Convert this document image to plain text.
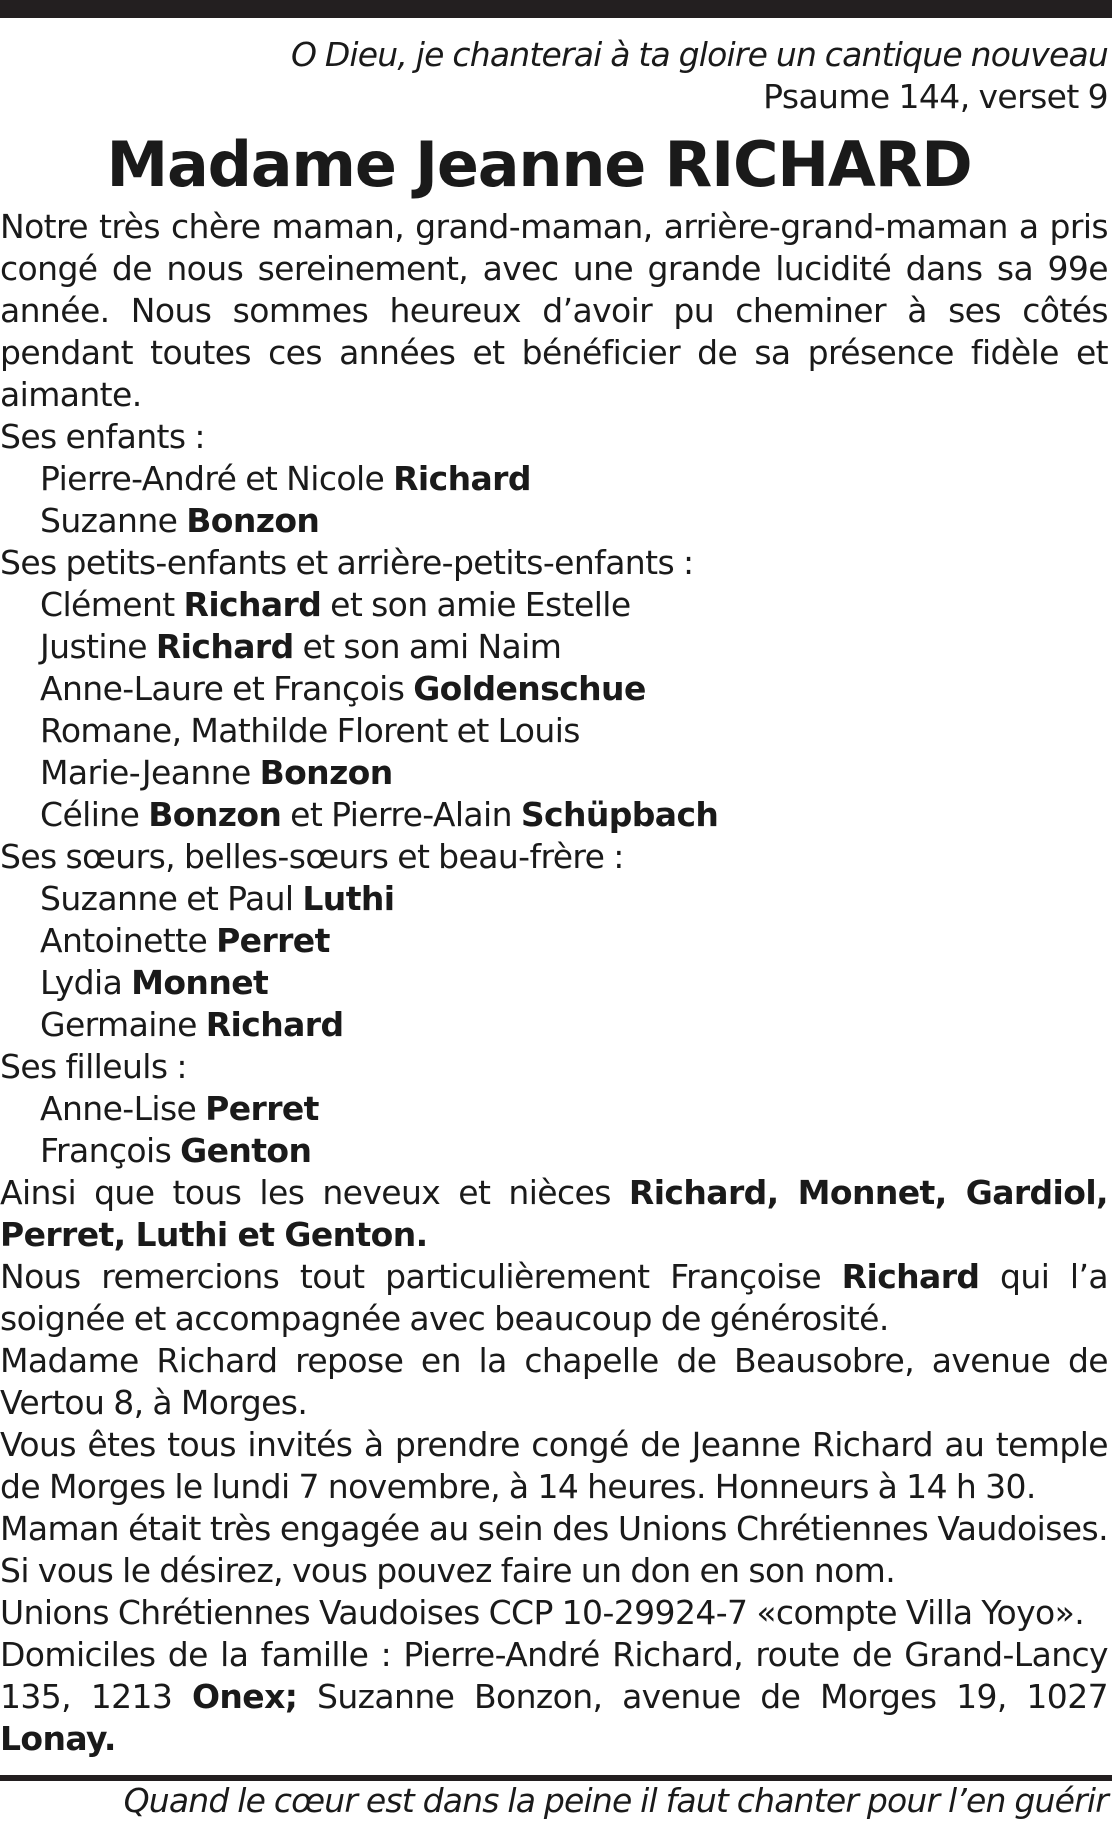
O Dieu, je chanterai à ta gloire un cantique nouveau
Psaume 144, verset 9
Madame Jeanne RICHARD
Notre très chère maman, grand-maman, arrière-grand-maman a pris congé de nous sereinement, avec une grande lucidité dans sa 99e année. Nous sommes heureux d’avoir pu cheminer à ses côtés pendant toutes ces années et bénéficier de sa présence fidèle et aimante.
Ses enfants :
Pierre-André et Nicole Richard
Suzanne Bonzon
Ses petits-enfants et arrière-petits-enfants :
Clément Richard et son amie Estelle
Justine Richard et son ami Naim
Anne-Laure et François Goldenschue
Romane, Mathilde Florent et Louis
Marie-Jeanne Bonzon
Céline Bonzon et Pierre-Alain Schüpbach
Ses sœurs, belles-sœurs et beau-frère :
Suzanne et Paul Luthi
Antoinette Perret
Lydia Monnet
Germaine Richard
Ses filleuls :
Anne-Lise Perret
François Genton
Ainsi que tous les neveux et nièces Richard, Monnet, Gardiol, Perret, Luthi et Genton.
Nous remercions tout particulièrement Françoise Richard qui l’a soignée et accompagnée avec beaucoup de générosité.
Madame Richard repose en la chapelle de Beausobre, avenue de Vertou 8, à Morges.
Vous êtes tous invités à prendre congé de Jeanne Richard au temple de Morges le lundi 7 novembre, à 14 heures. Honneurs à 14 h 30.
Maman était très engagée au sein des Unions Chrétiennes Vaudoises. Si vous le désirez, vous pouvez faire un don en son nom.
Unions Chrétiennes Vaudoises CCP 10-29924-7 «compte Villa Yoyo».
Domiciles de la famille : Pierre-André Richard, route de Grand-Lancy 135, 1213 Onex; Suzanne Bonzon, avenue de Morges 19, 1027 Lonay.
Quand le cœur est dans la peine il faut chanter pour l’en guérir
